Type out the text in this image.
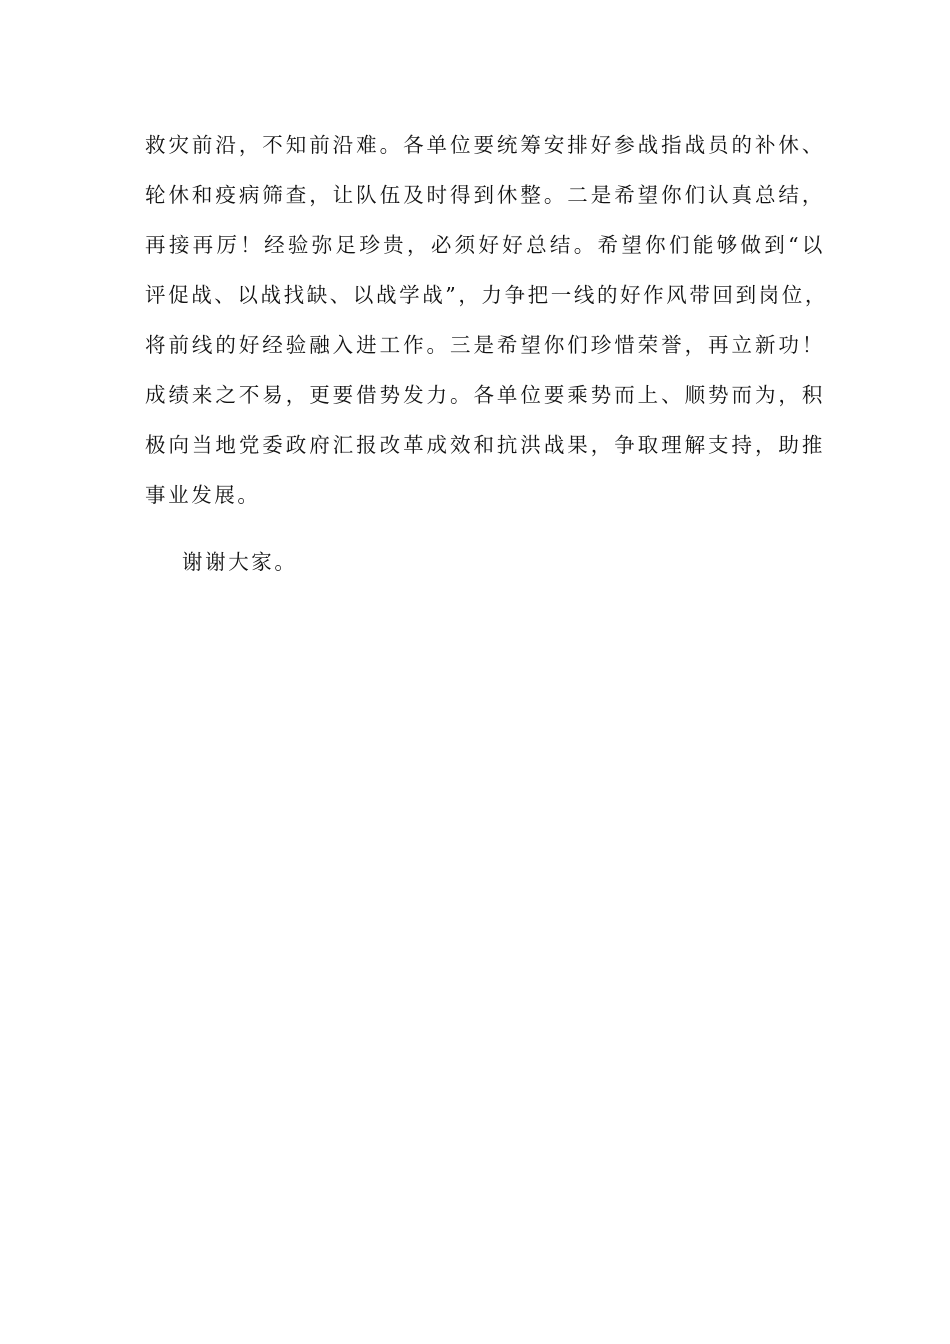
救灾前沿，不知前沿难。各单位要统筹安排好参战指战员的补休、
轮休和疫病筛查，让队伍及时得到休整。二是希望你们认真总结，
再接再厉！经验弥足珍贵，必须好好总结。希望你们能够做到“以
评促战、以战找缺、以战学战”，力争把一线的好作风带回到岗位，
将前线的好经验融入进工作。三是希望你们珍惜荣誉，再立新功！
成绩来之不易，更要借势发力。各单位要乘势而上、顺势而为，积
极向当地党委政府汇报改革成效和抗洪战果，争取理解支持，助推
事业发展。
谢谢大家。
